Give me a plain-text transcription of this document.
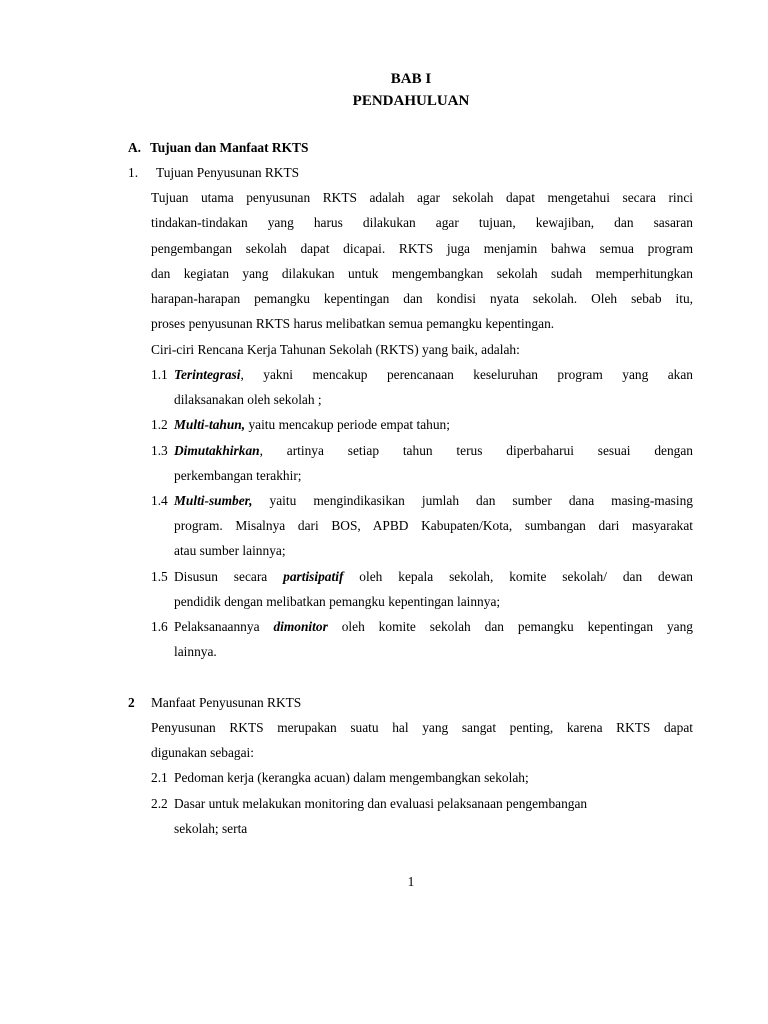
BAB I
PENDAHULUAN
A. Tujuan dan Manfaat RKTS
1. Tujuan Penyusunan RKTS
Tujuan utama penyusunan RKTS adalah agar sekolah dapat mengetahui secara rinci
tindakan-tindakan yang harus dilakukan agar tujuan, kewajiban, dan sasaran
pengembangan sekolah dapat dicapai. RKTS juga menjamin bahwa semua program
dan kegiatan yang dilakukan untuk mengembangkan sekolah sudah memperhitungkan
harapan-harapan pemangku kepentingan dan kondisi nyata sekolah. Oleh sebab itu,
proses penyusunan RKTS harus melibatkan semua pemangku kepentingan.
Ciri-ciri Rencana Kerja Tahunan Sekolah (RKTS) yang baik, adalah:
1.1 Terintegrasi, yakni mencakup perencanaan keseluruhan program yang akan
dilaksanakan oleh sekolah ;
1.2 Multi-tahun, yaitu mencakup periode empat tahun;
1.3 Dimutakhirkan, artinya setiap tahun terus diperbaharui sesuai dengan
perkembangan terakhir;
1.4 Multi-sumber, yaitu mengindikasikan jumlah dan sumber dana masing-masing
program. Misalnya dari BOS, APBD Kabupaten/Kota, sumbangan dari masyarakat
atau sumber lainnya;
1.5 Disusun secara partisipatif oleh kepala sekolah, komite sekolah/ dan dewan
pendidik dengan melibatkan pemangku kepentingan lainnya;
1.6 Pelaksanaannya dimonitor oleh komite sekolah dan pemangku kepentingan yang
lainnya.
2 Manfaat Penyusunan RKTS
Penyusunan RKTS merupakan suatu hal yang sangat penting, karena RKTS dapat
digunakan sebagai:
2.1 Pedoman kerja (kerangka acuan) dalam mengembangkan sekolah;
2.2 Dasar untuk melakukan monitoring dan evaluasi pelaksanaan pengembangan
sekolah; serta
1
